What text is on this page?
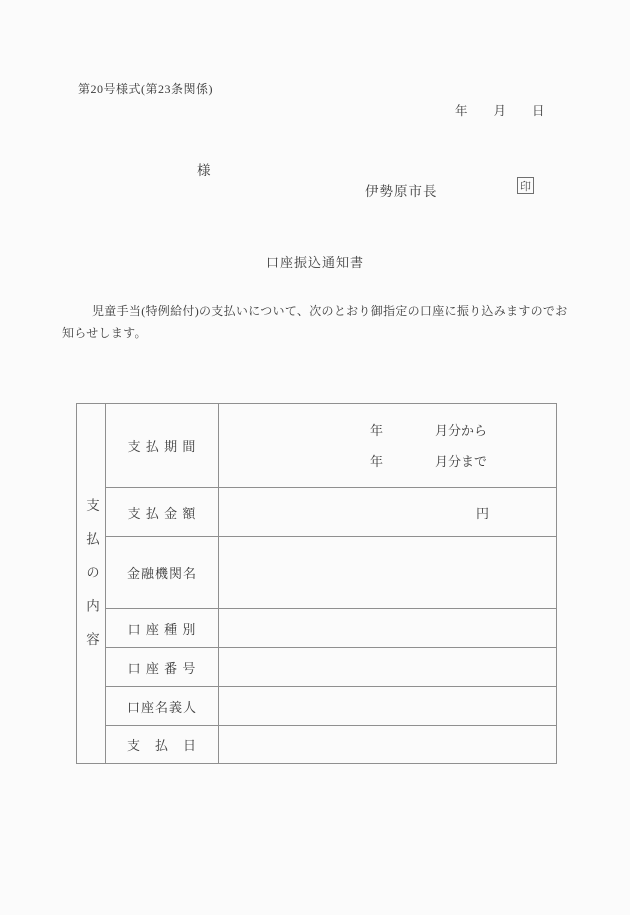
第20号様式(第23条関係)
年 月 日
様
伊勢原市長	印
口座振込通知書
児童手当(特例給付)の支払いについて、次のとおり御指定の口座に振り込みますのでお
知らせします。
支払の内容	支 払 期 間	年　　　　月分から
年　　　　月分まで

	支 払 金 額	円
	金融機関名	
	口 座 種 別	
	口 座 番 号	
	口座名義人	
	支　払　日	
